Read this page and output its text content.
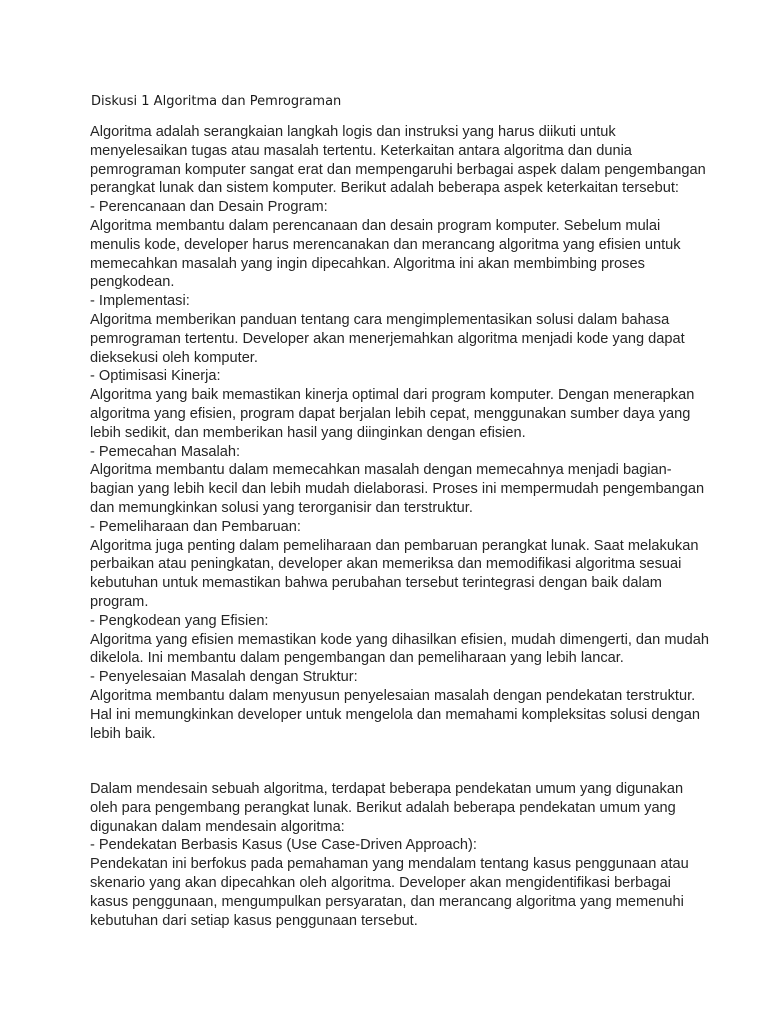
Diskusi 1 Algoritma dan Pemrograman
Algoritma adalah serangkaian langkah logis dan instruksi yang harus diikuti untuk
menyelesaikan tugas atau masalah tertentu. Keterkaitan antara algoritma dan dunia
pemrograman komputer sangat erat dan mempengaruhi berbagai aspek dalam pengembangan
perangkat lunak dan sistem komputer. Berikut adalah beberapa aspek keterkaitan tersebut:
- Perencanaan dan Desain Program:
Algoritma membantu dalam perencanaan dan desain program komputer. Sebelum mulai
menulis kode, developer harus merencanakan dan merancang algoritma yang efisien untuk
memecahkan masalah yang ingin dipecahkan. Algoritma ini akan membimbing proses
pengkodean.
- Implementasi:
Algoritma memberikan panduan tentang cara mengimplementasikan solusi dalam bahasa
pemrograman tertentu. Developer akan menerjemahkan algoritma menjadi kode yang dapat
dieksekusi oleh komputer.
- Optimisasi Kinerja:
Algoritma yang baik memastikan kinerja optimal dari program komputer. Dengan menerapkan
algoritma yang efisien, program dapat berjalan lebih cepat, menggunakan sumber daya yang
lebih sedikit, dan memberikan hasil yang diinginkan dengan efisien.
- Pemecahan Masalah:
Algoritma membantu dalam memecahkan masalah dengan memecahnya menjadi bagian-
bagian yang lebih kecil dan lebih mudah dielaborasi. Proses ini mempermudah pengembangan
dan memungkinkan solusi yang terorganisir dan terstruktur.
- Pemeliharaan dan Pembaruan:
Algoritma juga penting dalam pemeliharaan dan pembaruan perangkat lunak. Saat melakukan
perbaikan atau peningkatan, developer akan memeriksa dan memodifikasi algoritma sesuai
kebutuhan untuk memastikan bahwa perubahan tersebut terintegrasi dengan baik dalam
program.
- Pengkodean yang Efisien:
Algoritma yang efisien memastikan kode yang dihasilkan efisien, mudah dimengerti, dan mudah
dikelola. Ini membantu dalam pengembangan dan pemeliharaan yang lebih lancar.
- Penyelesaian Masalah dengan Struktur:
Algoritma membantu dalam menyusun penyelesaian masalah dengan pendekatan terstruktur.
Hal ini memungkinkan developer untuk mengelola dan memahami kompleksitas solusi dengan
lebih baik.
Dalam mendesain sebuah algoritma, terdapat beberapa pendekatan umum yang digunakan
oleh para pengembang perangkat lunak. Berikut adalah beberapa pendekatan umum yang
digunakan dalam mendesain algoritma:
- Pendekatan Berbasis Kasus (Use Case-Driven Approach):
Pendekatan ini berfokus pada pemahaman yang mendalam tentang kasus penggunaan atau
skenario yang akan dipecahkan oleh algoritma. Developer akan mengidentifikasi berbagai
kasus penggunaan, mengumpulkan persyaratan, dan merancang algoritma yang memenuhi
kebutuhan dari setiap kasus penggunaan tersebut.
